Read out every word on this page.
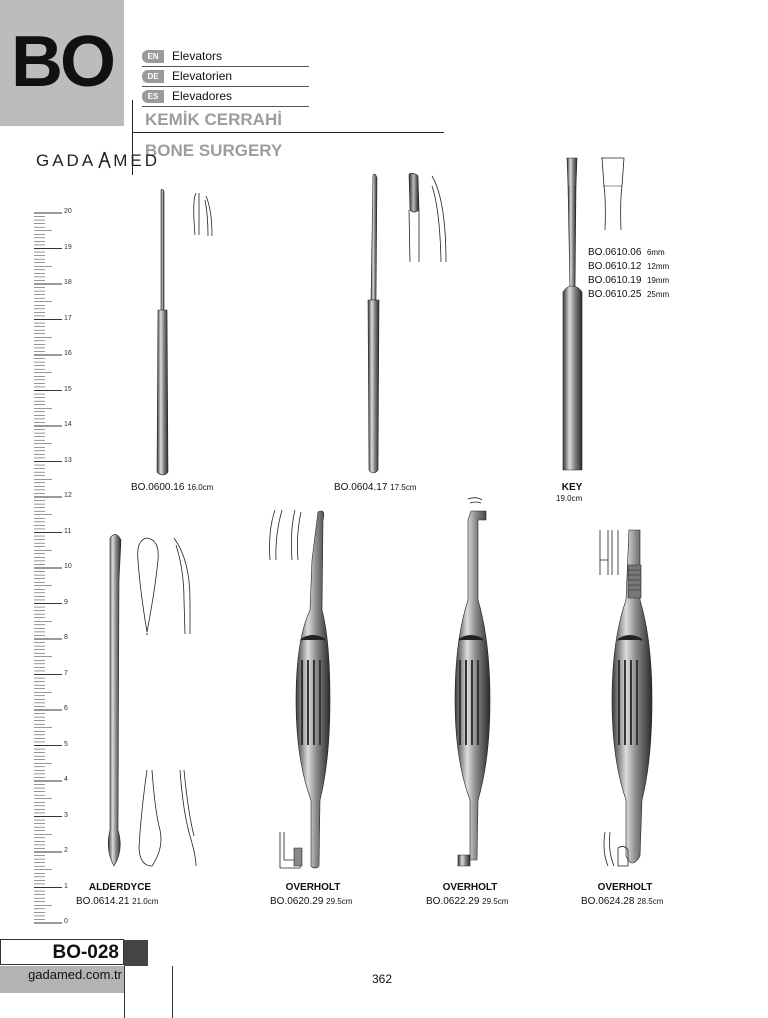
BO	EN	Elevators
DE	Elevatorien
ES	Elevadores
KEMİK CERRAHİ
BONE SURGERY
GADA MED
20
19
18
17
16
15
14
13
12
11
10
9
8
7
6
5
4
3
2
1
0
BO.0600.16 16.0cm	BO.0604.17 17.5cm
BO.0610.06 6mm
BO.0610.12 12mm
BO.0610.19 19mm
BO.0610.25 25mm
KEY
19.0cm
ALDERDYCE
BO.0614.21 21.0cm
OVERHOLT
BO.0620.29 29.5cm
OVERHOLT
BO.0622.29 29.5cm
OVERHOLT
BO.0624.28 28.5cm
BO-028
gadamed.com.tr	362
